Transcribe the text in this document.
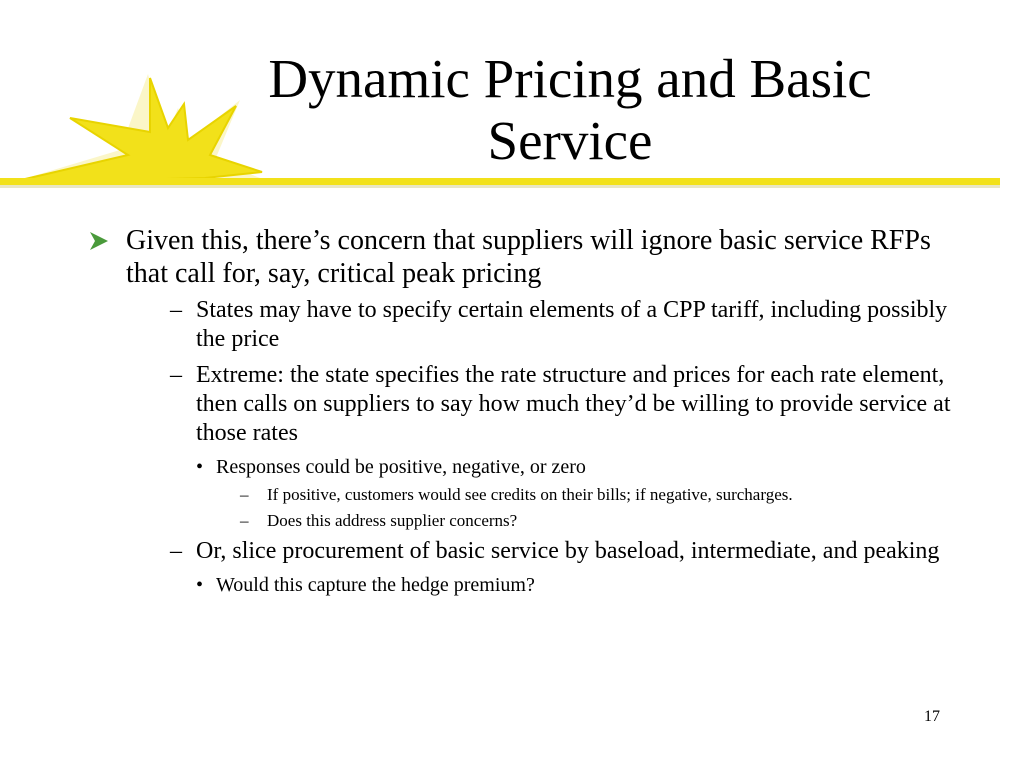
Dynamic Pricing and Basic Service
Given this, there’s concern that suppliers will ignore basic service RFPs that call for, say, critical peak pricing
– States may have to specify certain elements of a CPP tariff, including possibly the price
– Extreme: the state specifies the rate structure and prices for each rate element, then calls on suppliers to say how much they’d be willing to provide service at those rates
• Responses could be positive, negative, or zero
– If positive, customers would see credits on their bills; if negative, surcharges.
– Does this address supplier concerns?
– Or, slice procurement of basic service by baseload, intermediate, and peaking
• Would this capture the hedge premium?
17
